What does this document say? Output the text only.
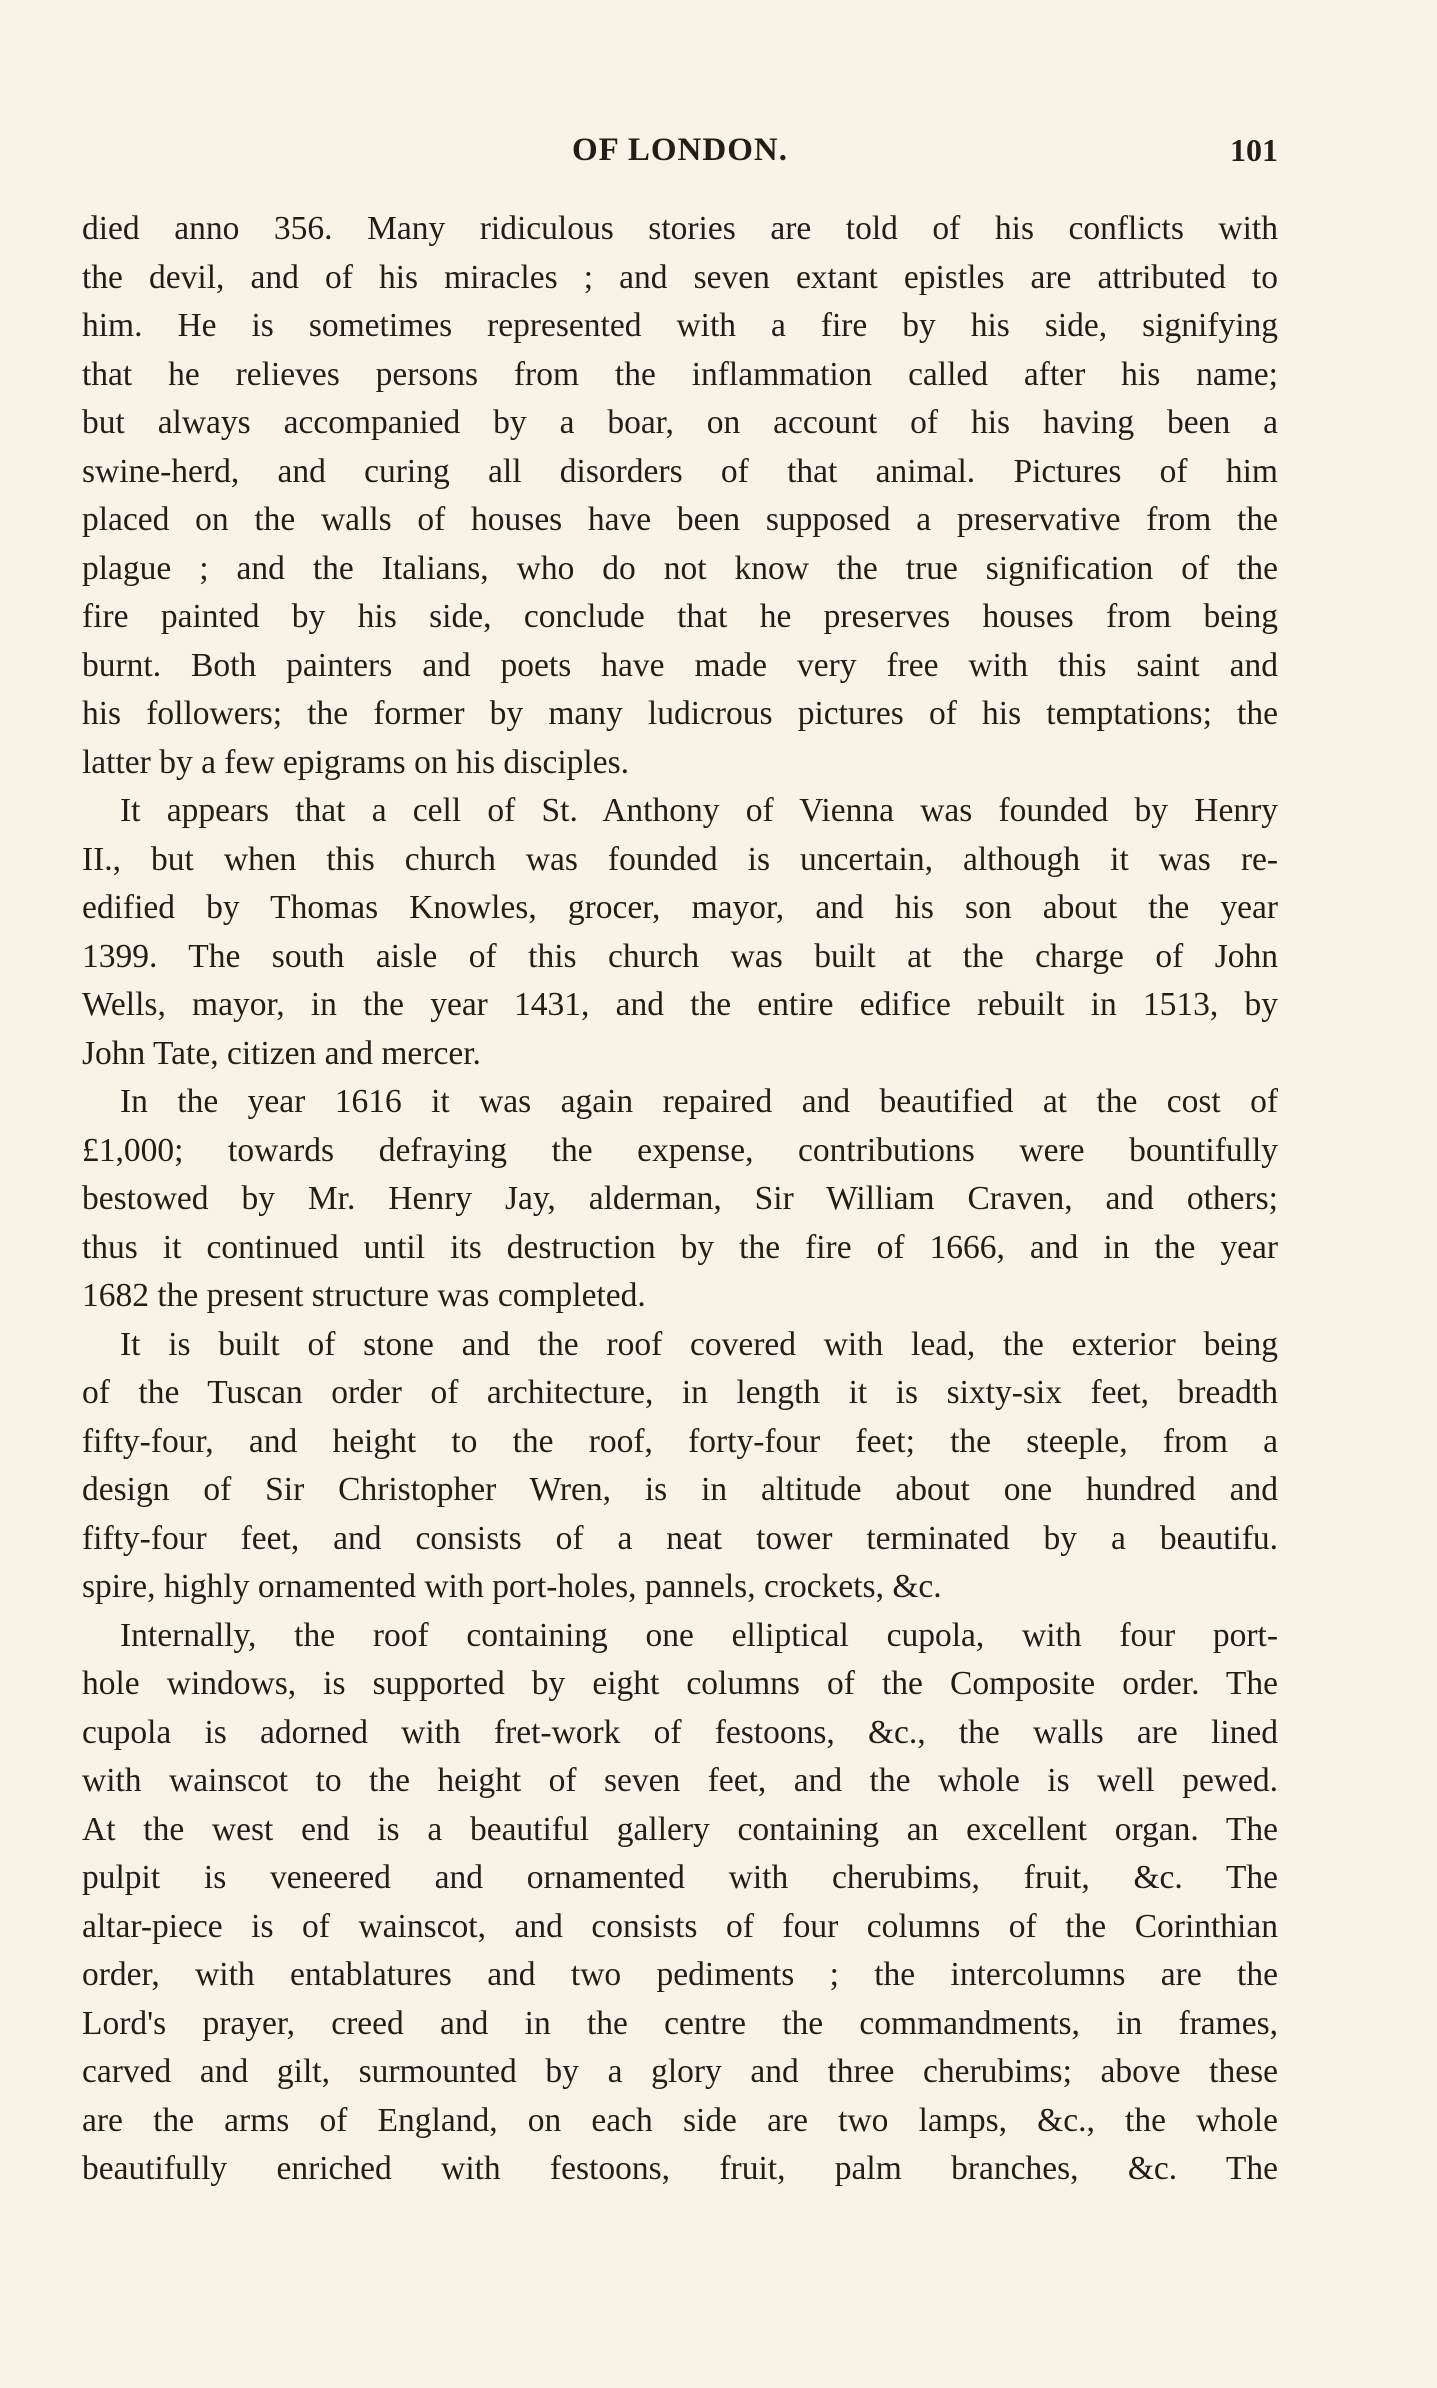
OF LONDON.	101
died anno 356. Many ridiculous stories are told of his conflicts with
the devil, and of his miracles ; and seven extant epistles are attributed to
him. He is sometimes represented with a fire by his side, signifying
that he relieves persons from the inflammation called after his name;
but always accompanied by a boar, on account of his having been a
swine-herd, and curing all disorders of that animal. Pictures of him
placed on the walls of houses have been supposed a preservative from the
plague ; and the Italians, who do not know the true signification of the
fire painted by his side, conclude that he preserves houses from being
burnt. Both painters and poets have made very free with this saint and
his followers; the former by many ludicrous pictures of his temptations; the
latter by a few epigrams on his disciples.
It appears that a cell of St. Anthony of Vienna was founded by Henry
II., but when this church was founded is uncertain, although it was re-
edified by Thomas Knowles, grocer, mayor, and his son about the year
1399. The south aisle of this church was built at the charge of John
Wells, mayor, in the year 1431, and the entire edifice rebuilt in 1513, by
John Tate, citizen and mercer.
In the year 1616 it was again repaired and beautified at the cost of
£1,000; towards defraying the expense, contributions were bountifully
bestowed by Mr. Henry Jay, alderman, Sir William Craven, and others;
thus it continued until its destruction by the fire of 1666, and in the year
1682 the present structure was completed.
It is built of stone and the roof covered with lead, the exterior being
of the Tuscan order of architecture, in length it is sixty-six feet, breadth
fifty-four, and height to the roof, forty-four feet; the steeple, from a
design of Sir Christopher Wren, is in altitude about one hundred and
fifty-four feet, and consists of a neat tower terminated by a beautifu.
spire, highly ornamented with port-holes, pannels, crockets, &c.
Internally, the roof containing one elliptical cupola, with four port-
hole windows, is supported by eight columns of the Composite order. The
cupola is adorned with fret-work of festoons, &c., the walls are lined
with wainscot to the height of seven feet, and the whole is well pewed.
At the west end is a beautiful gallery containing an excellent organ. The
pulpit is veneered and ornamented with cherubims, fruit, &c. The
altar-piece is of wainscot, and consists of four columns of the Corinthian
order, with entablatures and two pediments ; the intercolumns are the
Lord's prayer, creed and in the centre the commandments, in frames,
carved and gilt, surmounted by a glory and three cherubims; above these
are the arms of England, on each side are two lamps, &c., the whole
beautifully enriched with festoons, fruit, palm branches, &c. The
